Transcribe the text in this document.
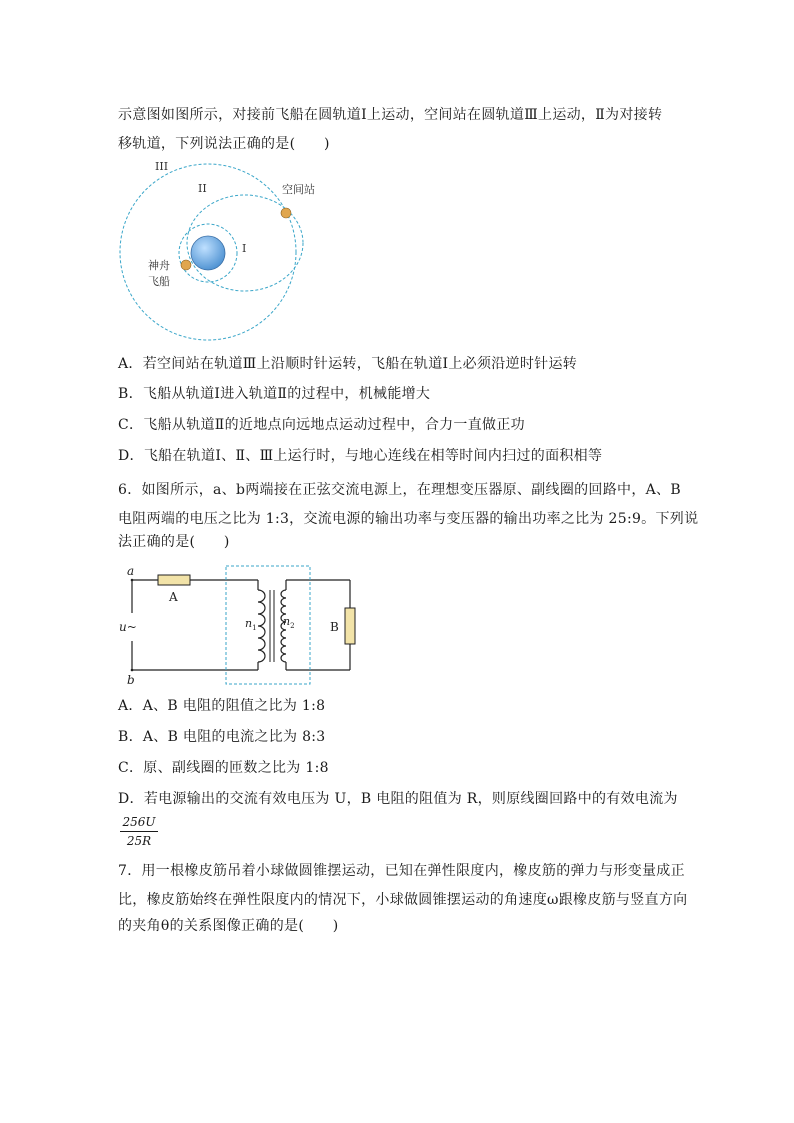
示意图如图所示，对接前飞船在圆轨道Ⅰ上运动，空间站在圆轨道Ⅲ上运动，Ⅱ为对接转
移轨道，下列说法正确的是(　　)
III
II
I
空间站
神舟
飞船
A．若空间站在轨道Ⅲ上沿顺时针运转，飞船在轨道Ⅰ上必须沿逆时针运转
B．飞船从轨道Ⅰ进入轨道Ⅱ的过程中，机械能增大
C．飞船从轨道Ⅱ的近地点向远地点运动过程中，合力一直做正功
D．飞船在轨道Ⅰ、Ⅱ、Ⅲ上运行时，与地心连线在相等时间内扫过的面积相等
6．如图所示，a、b两端接在正弦交流电源上，在理想变压器原、副线圈的回路中，A、B
电阻两端的电压之比为 1:3，交流电源的输出功率与变压器的输出功率之比为 25:9。下列说
法正确的是(　　)
a
b
u~
A
B
$n_1$ $n_2$
A．A、B 电阻的阻值之比为 1:8
B．A、B 电阻的电流之比为 8:3
C．原、副线圈的匝数之比为 1:8
D．若电源输出的交流有效电压为 U，B 电阻的阻值为 R，则原线圈回路中的有效电流为
256U
25R
7．用一根橡皮筋吊着小球做圆锥摆运动，已知在弹性限度内，橡皮筋的弹力与形变量成正
比，橡皮筋始终在弹性限度内的情况下，小球做圆锥摆运动的角速度ω跟橡皮筋与竖直方向
的夹角θ的关系图像正确的是(　　)
